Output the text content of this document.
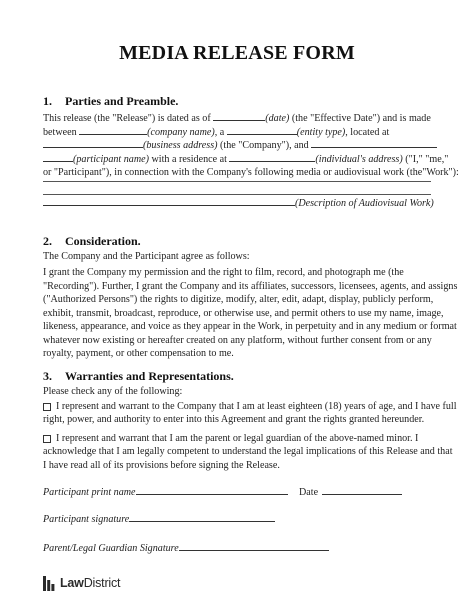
MEDIA RELEASE FORM
1. Parties and Preamble.
This release (the "Release") is dated as of	(date) (the "Effective Date") and is made
between	(company name), a	(entity type), located at
(business address) (the "Company"), and
(participant name) with a residence at	(individual's address) ("I," "me,"
or "Participant"), in connection with the Company's following media or audiovisual work (the"Work"):
(Description of Audiovisual Work)
2. Consideration.
The Company and the Participant agree as follows:
I grant the Company my permission and the right to film, record, and photograph me (the
"Recording"). Further, I grant the Company and its affiliates, successors, licensees, agents, and assigns
("Authorized Persons") the rights to digitize, modify, alter, edit, adapt, display, publicly perform,
exhibit, transmit, broadcast, reproduce, or otherwise use, and permit others to use my name, image,
likeness, appearance, and voice as they appear in the Work, in perpetuity and in any medium or format
whatever now existing or hereafter created on any platform, without further consent from or any
royalty, payment, or other compensation to me.
3. Warranties and Representations.
Please check any of the following:
I represent and warrant to the Company that I am at least eighteen (18) years of age, and I have full
right, power, and authority to enter into this Agreement and grant the rights granted hereunder.
I represent and warrant that I am the parent or legal guardian of the above-named minor. I
acknowledge that I am legally competent to understand the legal implications of this Release and that
I have read all of its provisions before signing the Release.
Participant print name	Date
Participant signature
Parent/Legal Guardian Signature
LawDistrict
